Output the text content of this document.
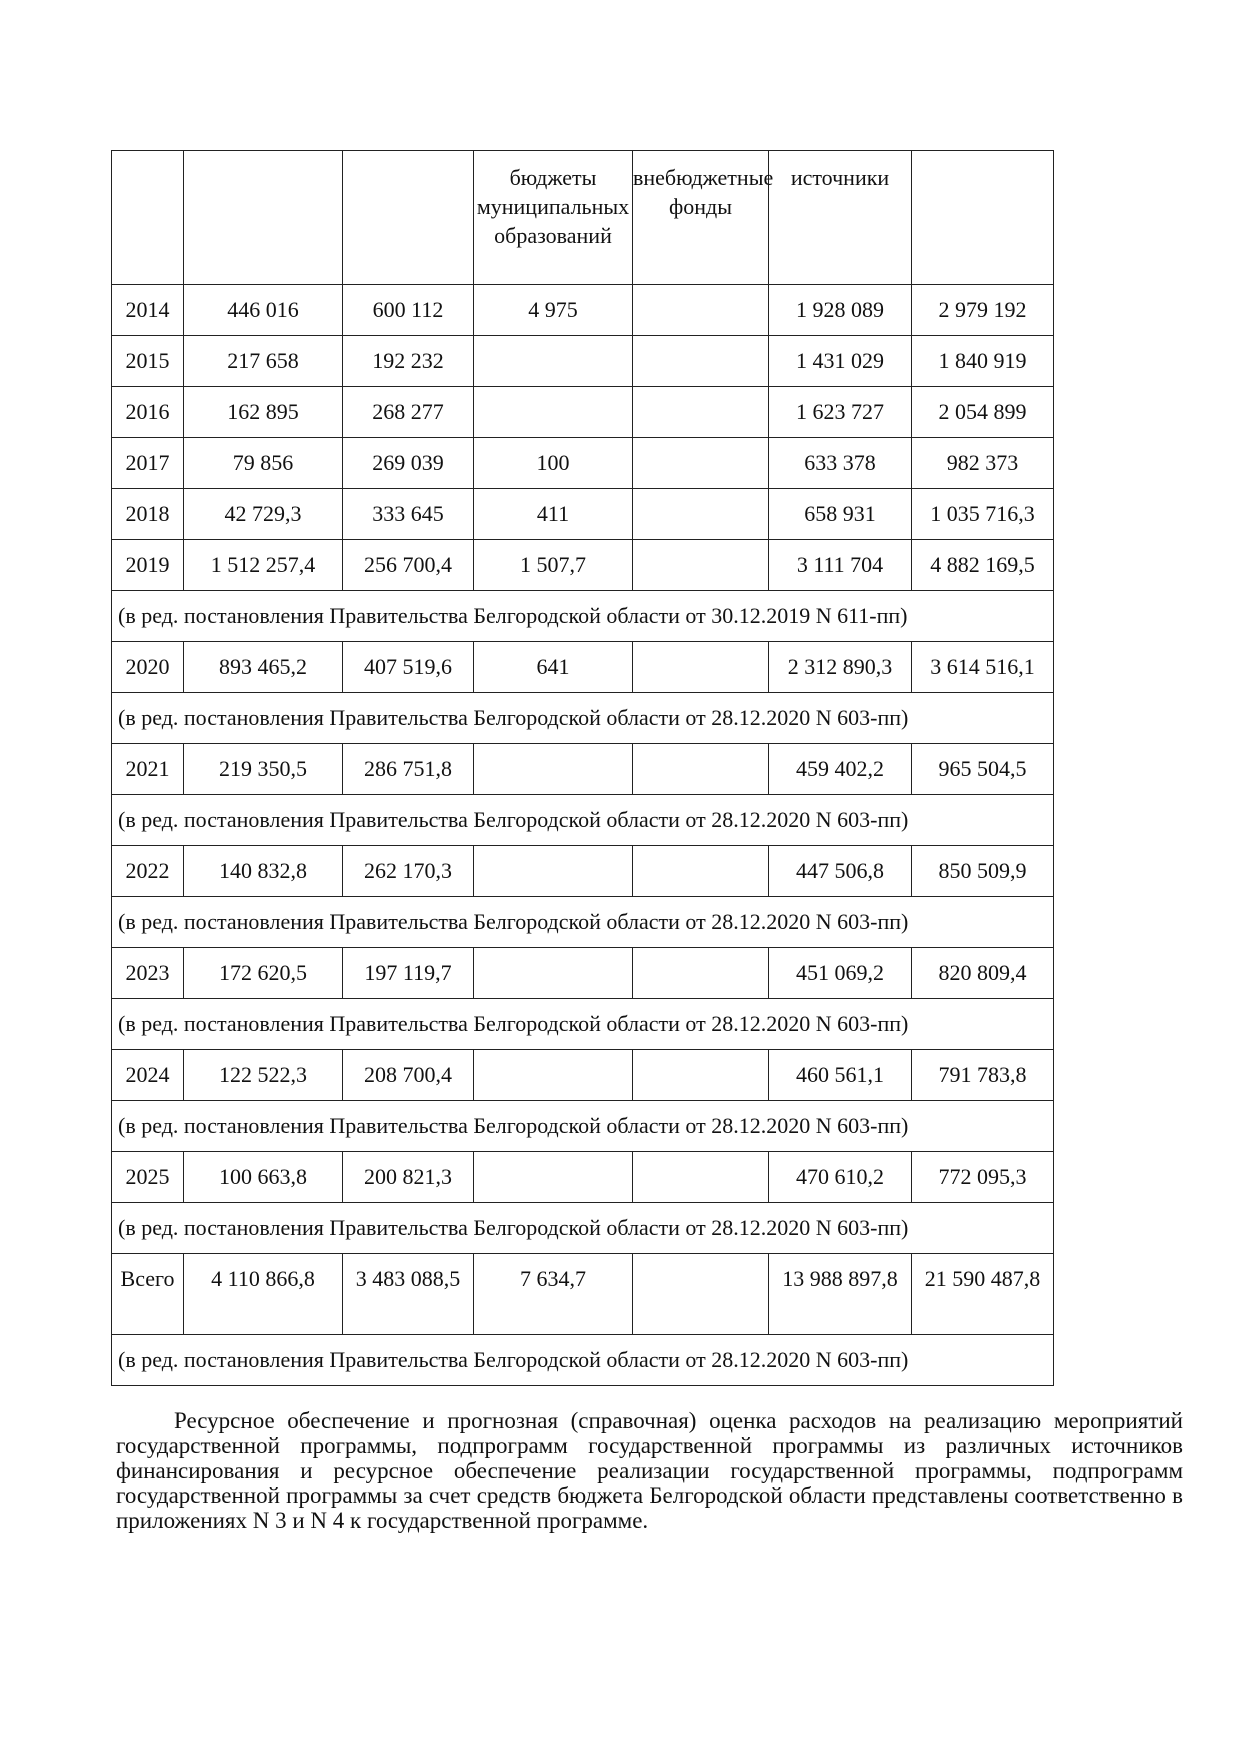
			бюджеты муниципальных образований	внебюджетные фонды	источники	

2014	446 016	600 112	4 975		1 928 089	2 979 192

2015	217 658	192 232			1 431 029	1 840 919

2016	162 895	268 277			1 623 727	2 054 899

2017	79 856	269 039	100		633 378	982 373

2018	42 729,3	333 645	411		658 931	1 035 716,3

2019	1 512 257,4	256 700,4	1 507,7		3 111 704	4 882 169,5

(в ред. постановления Правительства Белгородской области от 30.12.2019 N 611-пп)						

2020	893 465,2	407 519,6	641		2 312 890,3	3 614 516,1

(в ред. постановления Правительства Белгородской области от 28.12.2020 N 603-пп)						

2021	219 350,5	286 751,8			459 402,2	965 504,5

(в ред. постановления Правительства Белгородской области от 28.12.2020 N 603-пп)						

2022	140 832,8	262 170,3			447 506,8	850 509,9

(в ред. постановления Правительства Белгородской области от 28.12.2020 N 603-пп)						

2023	172 620,5	197 119,7			451 069,2	820 809,4

(в ред. постановления Правительства Белгородской области от 28.12.2020 N 603-пп)						

2024	122 522,3	208 700,4			460 561,1	791 783,8

(в ред. постановления Правительства Белгородской области от 28.12.2020 N 603-пп)						

2025	100 663,8	200 821,3			470 610,2	772 095,3

(в ред. постановления Правительства Белгородской области от 28.12.2020 N 603-пп)						

Всего	4 110 866,8	3 483 088,5	7 634,7		13 988 897,8	21 590 487,8

(в ред. постановления Правительства Белгородской области от 28.12.2020 N 603-пп)						

Ресурсное обеспечение и прогнозная (справочная) оценка расходов на реализацию мероприятий государственной программы, подпрограмм государственной программы из различных источников финансирования и ресурсное обеспечение реализации государственной программы, подпрограмм государственной программы за счет средств бюджета Белгородской области представлены соответственно в приложениях N 3 и N 4 к государственной программе.
